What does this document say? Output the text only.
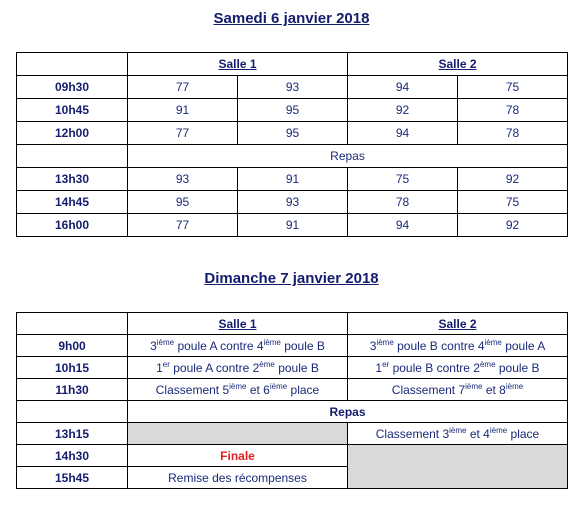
Samedi 6 janvier 2018
	Salle 1		Salle 2	
09h30	77	93	94	75
10h45	91	95	92	78
12h00	77	95	94	78
	Repas			
13h30	93	91	75	92
14h45	95	93	78	75
16h00	77	91	94	92
Dimanche 7 janvier 2018
	Salle 1	Salle 2
9h00	3ième poule A contre 4ième poule B	3ième poule B contre 4ième poule A
10h15	1er poule A contre 2ème poule B	1er poule B contre 2ème poule B
11h30	Classement 5ième et 6ième place	Classement 7ième et 8ième
	Repas	
13h15		Classement 3ième et 4ième place
14h30	Finale	
15h45	Remise des récompenses	
